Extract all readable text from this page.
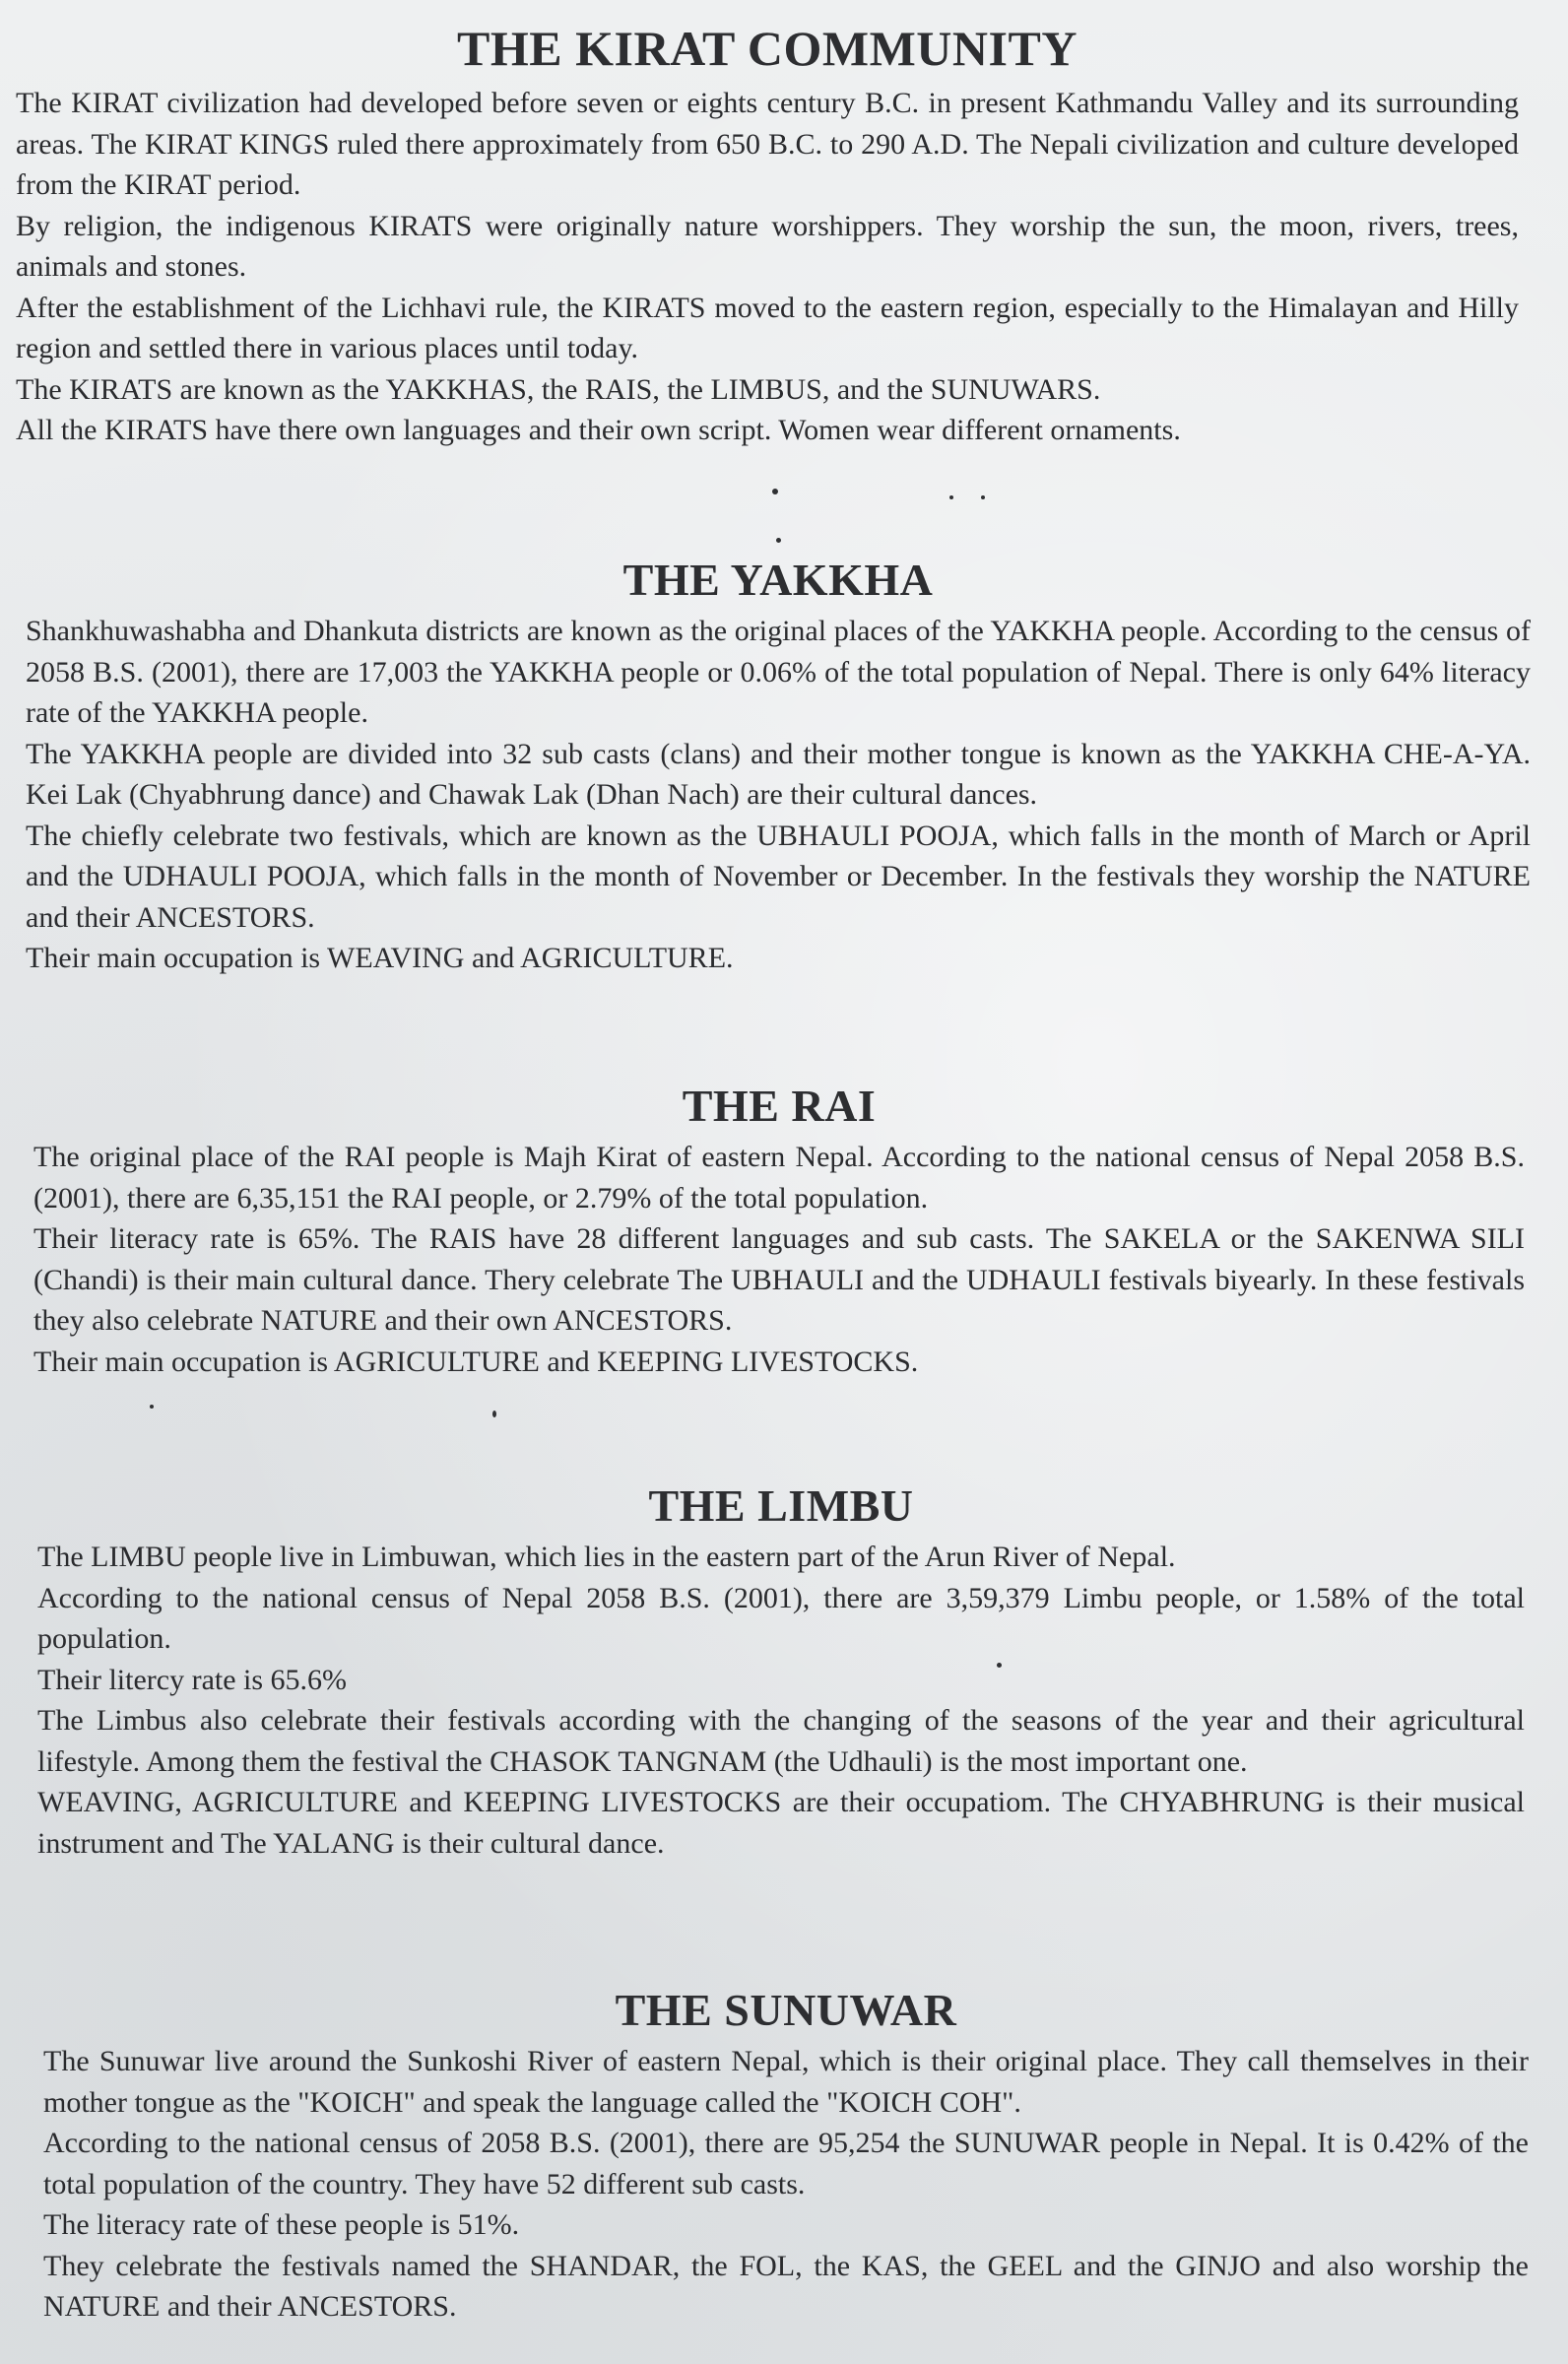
THE KIRAT COMMUNITY

The KIRAT civilization had developed before seven or eights century B.C. in present Kathmandu Valley and its surrounding areas. The KIRAT KINGS ruled there approximately from 650 B.C. to 290 A.D. The Nepali civilization and culture developed from the KIRAT period.

By religion, the indigenous KIRATS were originally nature worshippers. They worship the sun, the moon, rivers, trees, animals and stones.

After the establishment of the Lichhavi rule, the KIRATS moved to the eastern region, especially to the Himalayan and Hilly region and settled there in various places until today.

The KIRATS are known as the YAKKHAS, the RAIS, the LIMBUS, and the SUNUWARS.

All the KIRATS have there own languages and their own script. Women wear different ornaments.

THE YAKKHA

Shankhuwashabha and Dhankuta districts are known as the original places of the YAKKHA people. According to the census of 2058 B.S. (2001), there are 17,003 the YAKKHA people or 0.06% of the total population of Nepal. There is only 64% literacy rate of the YAKKHA people.

The YAKKHA people are divided into 32 sub casts (clans) and their mother tongue is known as the YAKKHA CHE-A-YA. Kei Lak (Chyabhrung dance) and Chawak Lak (Dhan Nach) are their cultural dances.

The chiefly celebrate two festivals, which are known as the UBHAULI POOJA, which falls in the month of March or April and the UDHAULI POOJA, which falls in the month of November or December. In the festivals they worship the NATURE and their ANCESTORS.

Their main occupation is WEAVING and AGRICULTURE.

THE RAI

The original place of the RAI people is Majh Kirat of eastern Nepal. According to the national census of Nepal 2058 B.S.(2001), there are 6,35,151 the RAI people, or 2.79% of the total population.

Their literacy rate is 65%. The RAIS have 28 different languages and sub casts. The SAKELA or the SAKENWA SILI (Chandi) is their main cultural dance. Thery celebrate The UBHAULI and the UDHAULI festivals biyearly. In these festivals they also celebrate NATURE and their own ANCESTORS.

Their main occupation is AGRICULTURE and KEEPING LIVESTOCKS.

THE LIMBU

The LIMBU people live in Limbuwan, which lies in the eastern part of the Arun River of Nepal.

According to the national census of Nepal 2058 B.S. (2001), there are 3,59,379 Limbu people, or 1.58% of the total population.

Their litercy rate is 65.6%

The Limbus also celebrate their festivals according with the changing of the seasons of the year and their agricultural lifestyle. Among them the festival the CHASOK TANGNAM (the Udhauli) is the most important one.

WEAVING, AGRICULTURE and KEEPING LIVESTOCKS are their occupatiom. The CHYABHRUNG is their musical instrument and The YALANG is their cultural dance.

THE SUNUWAR

The Sunuwar live around the Sunkoshi River of eastern Nepal, which is their original place. They call themselves in their mother tongue as the "KOICH" and speak the language called the "KOICH COH".

According to the national census of 2058 B.S. (2001), there are 95,254 the SUNUWAR people in Nepal. It is 0.42% of the total population of the country. They have 52 different sub casts.

The literacy rate of these people is 51%.

They celebrate the festivals named the SHANDAR, the FOL, the KAS, the GEEL and the GINJO and also worship the NATURE and their ANCESTORS.
